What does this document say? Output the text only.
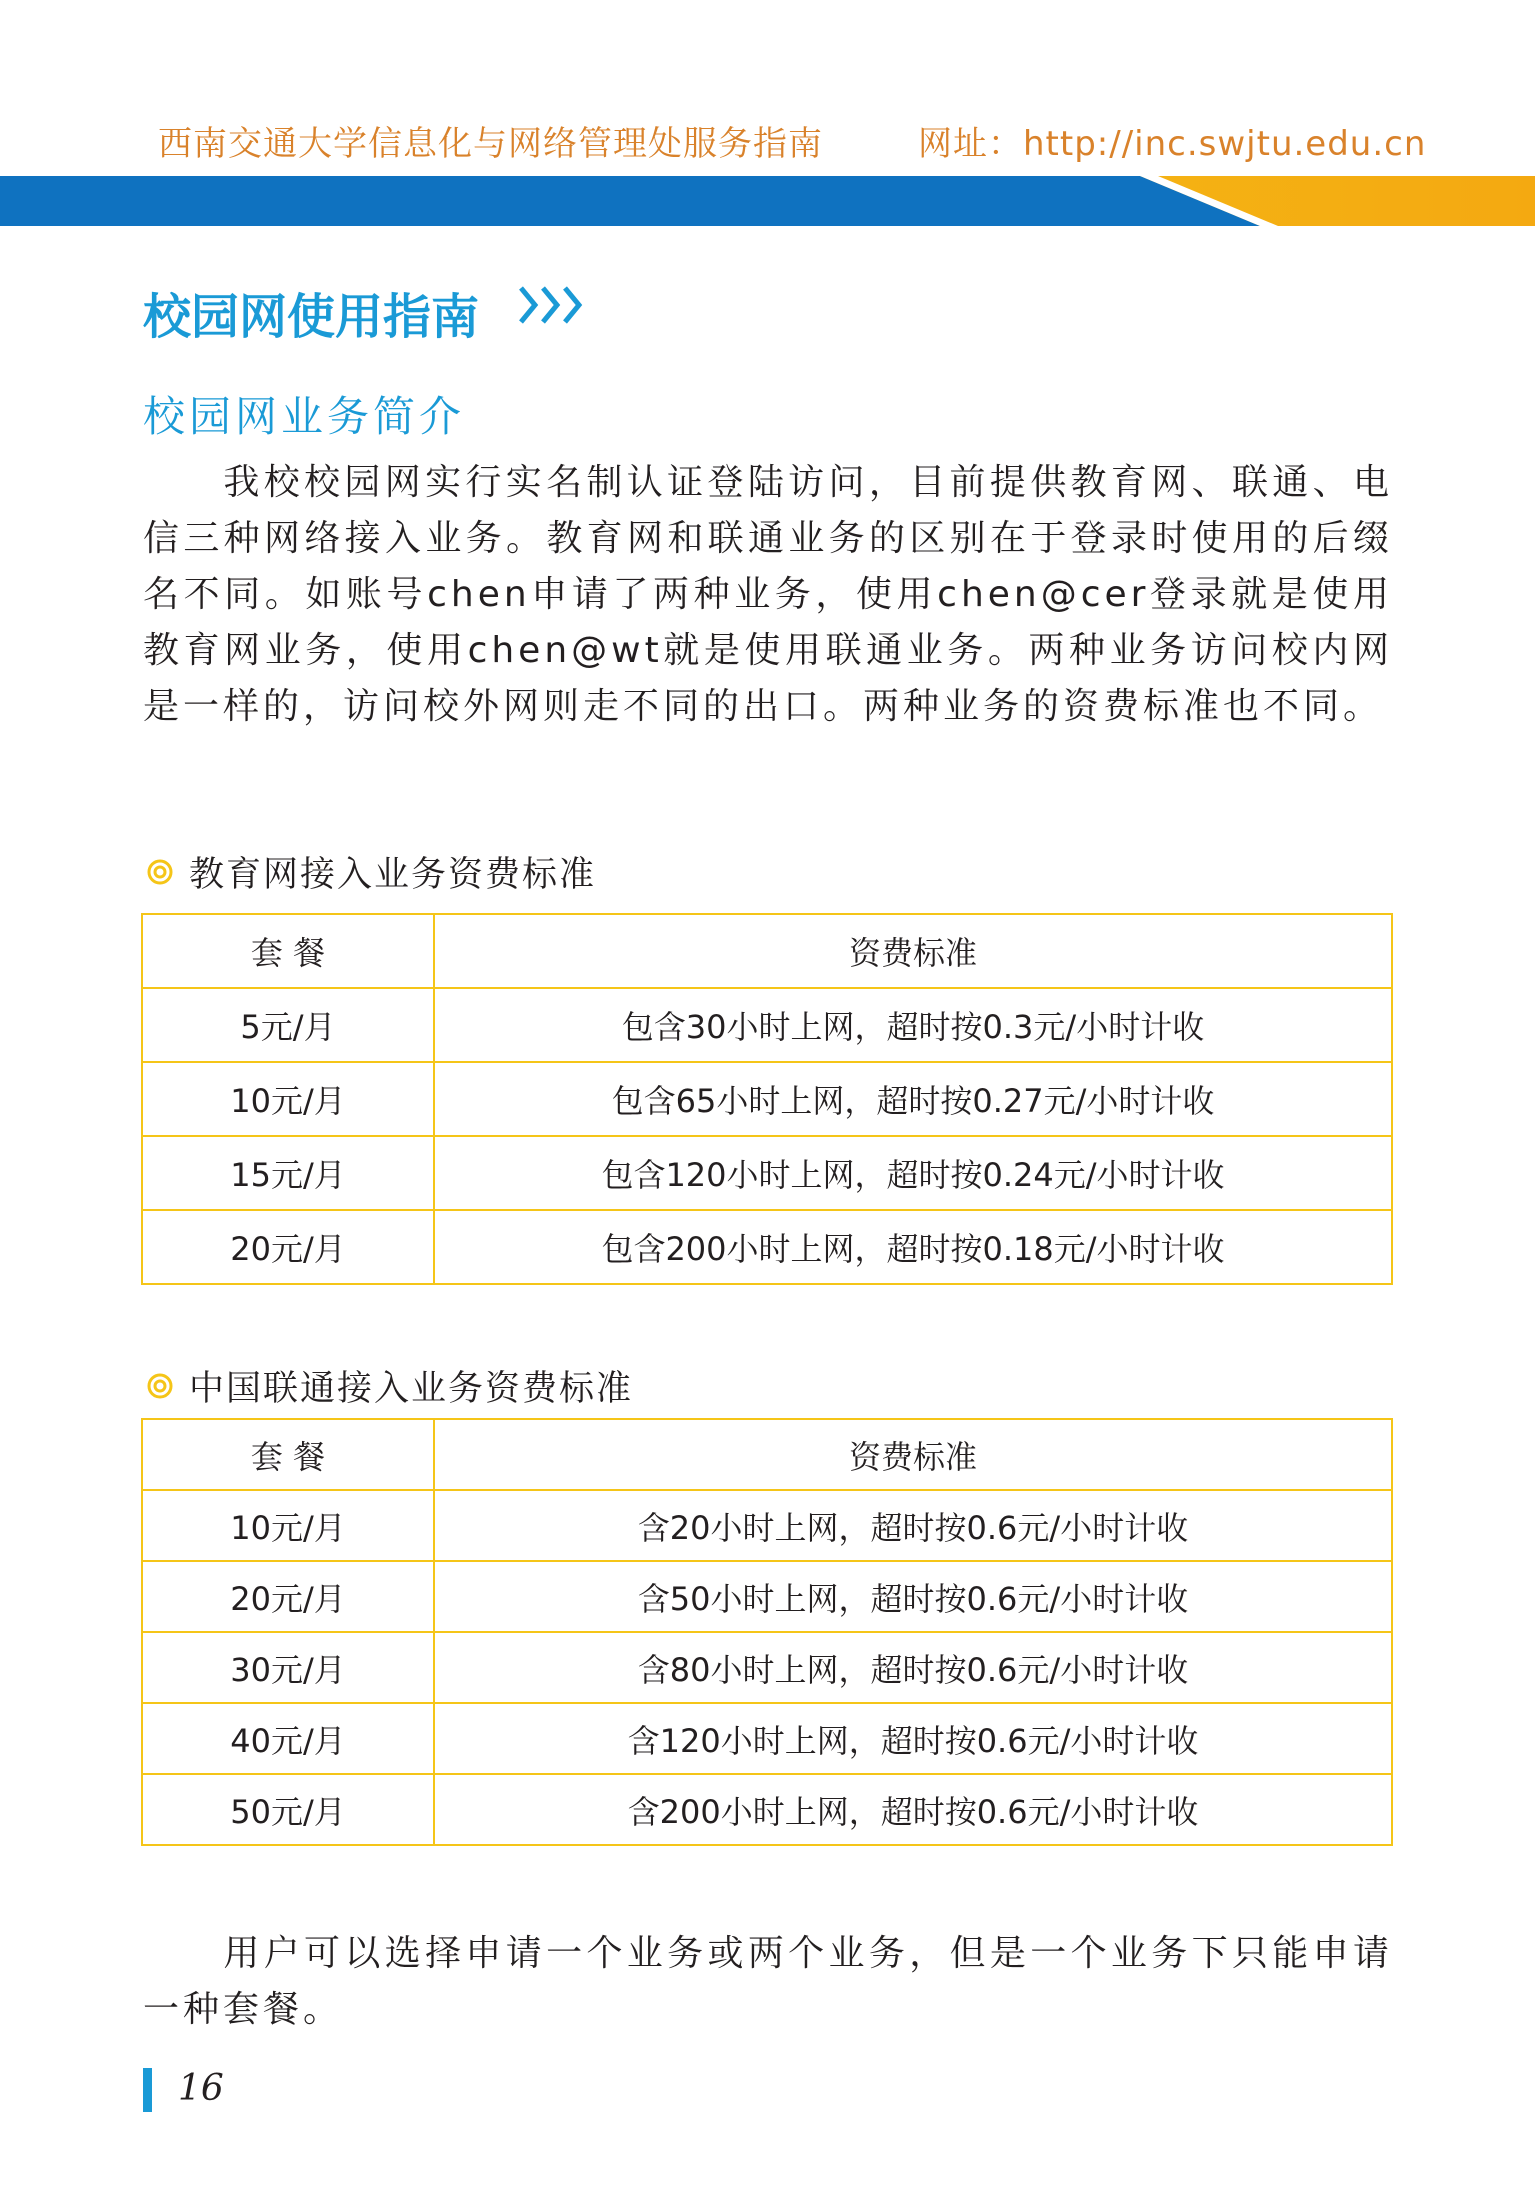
西南交通大学信息化与网络管理处服务指南	网址：http://inc.swjtu.edu.cn
校园网使用指南
校园网业务简介

我校校园网实行实名制认证登陆访问，目前提供教育网、联通、电信三种网络接入业务。教育网和联通业务的区别在于登录时使用的后缀名不同。如账号chen申请了两种业务，使用chen@cer登录就是使用教育网业务，使用chen@wt就是使用联通业务。两种业务访问校内网是一样的，访问校外网则走不同的出口。两种业务的资费标准也不同。

教育网接入业务资费标准
套 餐	资费标准
5元/月	包含30小时上网，超时按0.3元/小时计收
10元/月	包含65小时上网，超时按0.27元/小时计收
15元/月	包含120小时上网，超时按0.24元/小时计收
20元/月	包含200小时上网，超时按0.18元/小时计收
中国联通接入业务资费标准
套 餐	资费标准
10元/月	含20小时上网，超时按0.6元/小时计收
20元/月	含50小时上网，超时按0.6元/小时计收
30元/月	含80小时上网，超时按0.6元/小时计收
40元/月	含120小时上网，超时按0.6元/小时计收
50元/月	含200小时上网，超时按0.6元/小时计收

用户可以选择申请一个业务或两个业务，但是一个业务下只能申请一种套餐。

16
